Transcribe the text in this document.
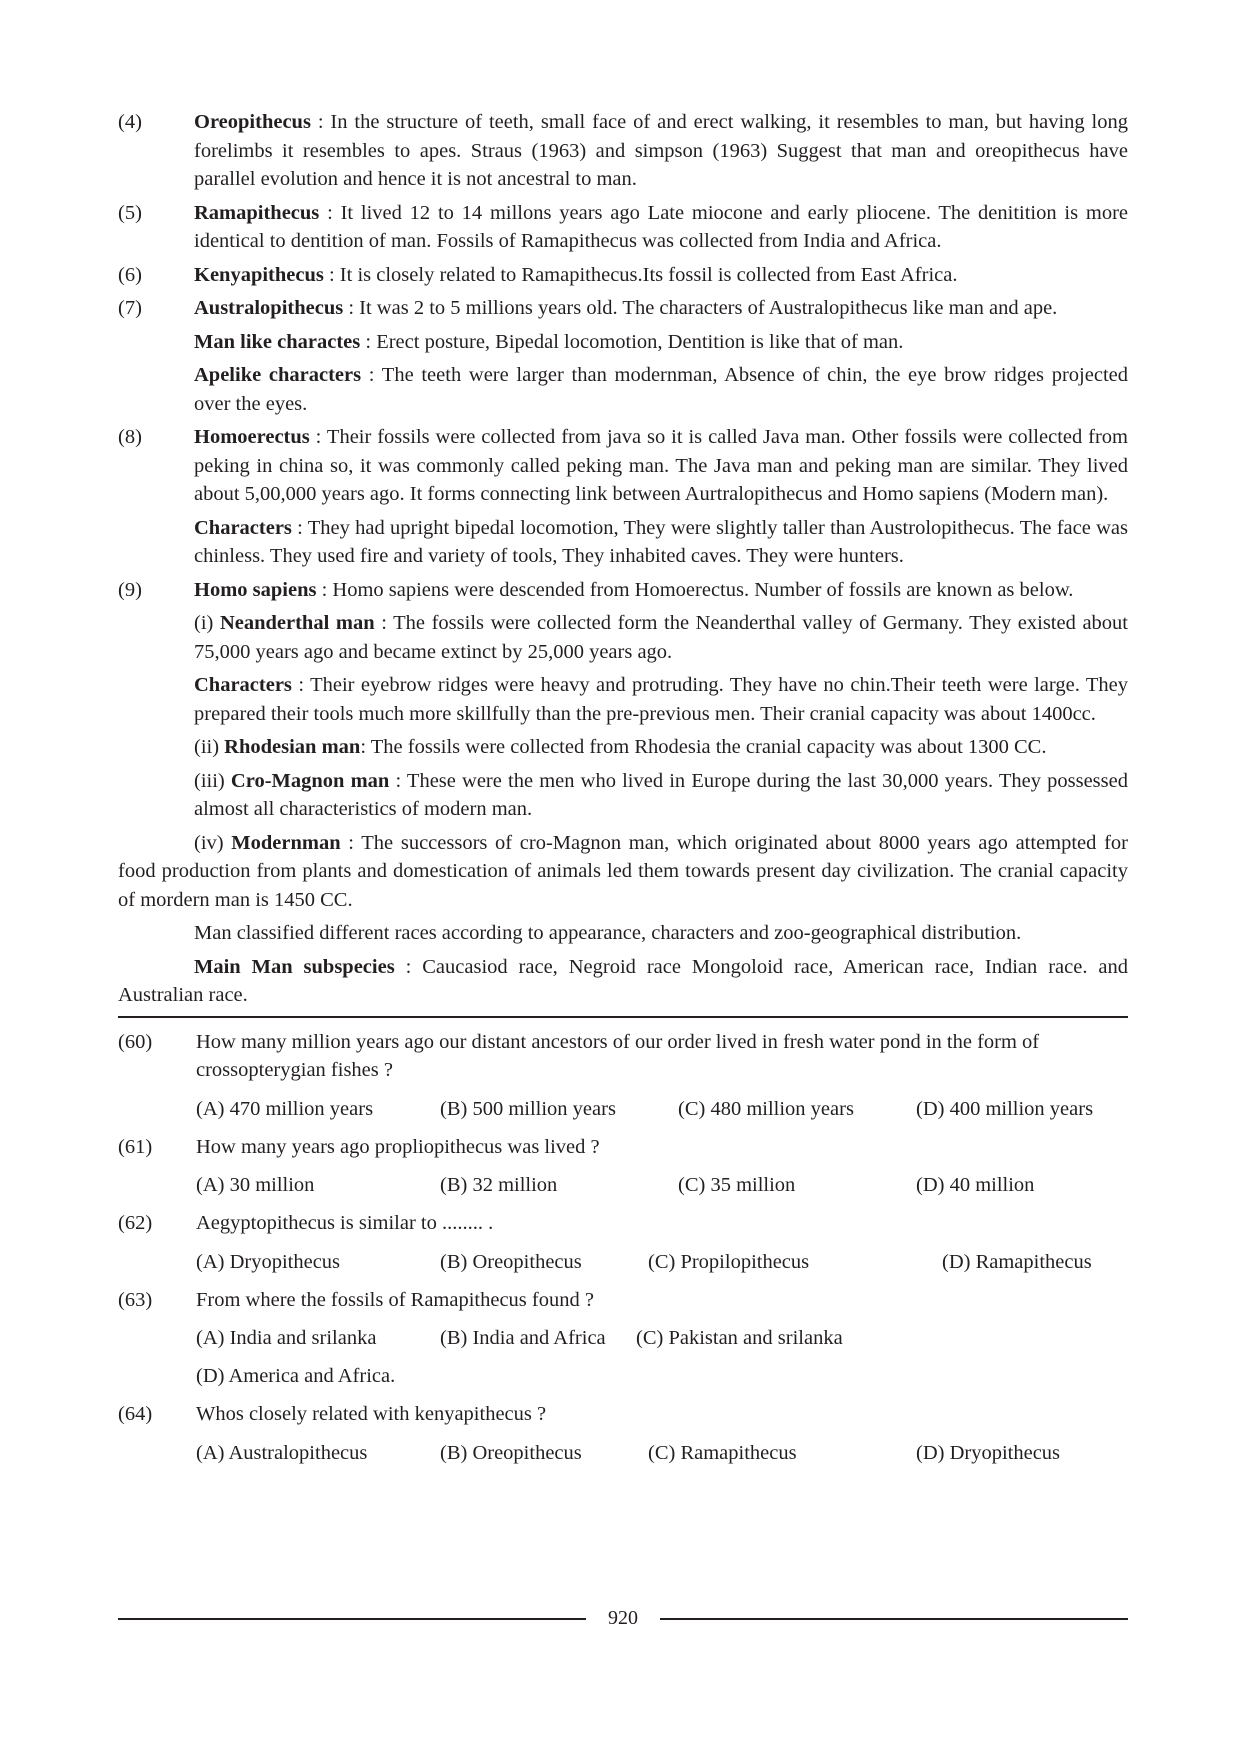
(4)	Oreopithecus : In the structure of teeth, small face of and erect walking, it resembles to man, but having long forelimbs it resembles to apes. Straus (1963) and simpson (1963) Suggest that man and oreopithecus have parallel evolution and hence it is not ancestral to man.
(5)	Ramapithecus : It lived 12 to 14 millons years ago Late miocone and early pliocene. The denitition is more identical to dentition of man. Fossils of Ramapithecus was collected from India and Africa.
(6)	Kenyapithecus : It is closely related to Ramapithecus.Its fossil is collected from East Africa.
(7)	Australopithecus : It was 2 to 5 millions years old. The characters of Australopithecus like man and ape.
Man like charactes : Erect posture, Bipedal locomotion, Dentition is like that of man.
Apelike characters : The teeth were larger than modernman, Absence of chin, the eye brow ridges projected over the eyes.
(8)	Homoerectus : Their fossils were collected from java so it is called Java man. Other fossils were collected from peking in china so, it was commonly called peking man. The Java man and peking man are similar. They lived about 5,00,000 years ago. It forms connecting link between Aurtralopithecus and Homo sapiens (Modern man).
Characters : They had upright bipedal locomotion, They were slightly taller than Austrolopithecus. The face was chinless. They used fire and variety of tools, They inhabited caves. They were hunters.
(9)	Homo sapiens : Homo sapiens were descended from Homoerectus. Number of fossils are known as below.
(i) Neanderthal man : The fossils were collected form the Neanderthal valley of Germany. They existed about 75,000 years ago and became extinct by 25,000 years ago.
Characters : Their eyebrow ridges were heavy and protruding. They have no chin.Their teeth were large. They prepared their tools much more skillfully than the pre-previous men. Their cranial capacity was about 1400cc.
(ii) Rhodesian man: The fossils were collected from Rhodesia the cranial capacity was about 1300 CC.
(iii) Cro-Magnon man : These were the men who lived in Europe during the last 30,000 years. They possessed almost all characteristics of modern man.

(iv) Modernman : The successors of cro-Magnon man, which originated about 8000 years ago attempted for food production from plants and domestication of animals led them towards present day civilization. The cranial capacity of mordern man is 1450 CC.

Man classified different races according to appearance, characters and zoo-geographical distribution.

Main Man subspecies : Caucasiod race, Negroid race Mongoloid race, American race, Indian race. and Australian race.

(60) How many million years ago our distant ancestors of our order lived in fresh water pond in the form of crossopterygian fishes ?
(A) 470 million years	(B) 500 million years	(C) 480 million years	(D) 400 million years
(61) How many years ago propliopithecus was lived ?
(A) 30 million	(B) 32 million	(C) 35 million	(D) 40 million
(62) Aegyptopithecus is similar to ........ .
(A) Dryopithecus	(B) Oreopithecus	(C) Propilopithecus	(D) Ramapithecus
(63) From where the fossils of Ramapithecus found ?
(A) India and srilanka	(B) India and Africa (C) Pakistan and srilanka
(D) America and Africa.
(64) Whos closely related with kenyapithecus ?
(A) Australopithecus	(B) Oreopithecus	(C) Ramapithecus	(D) Dryopithecus
920
